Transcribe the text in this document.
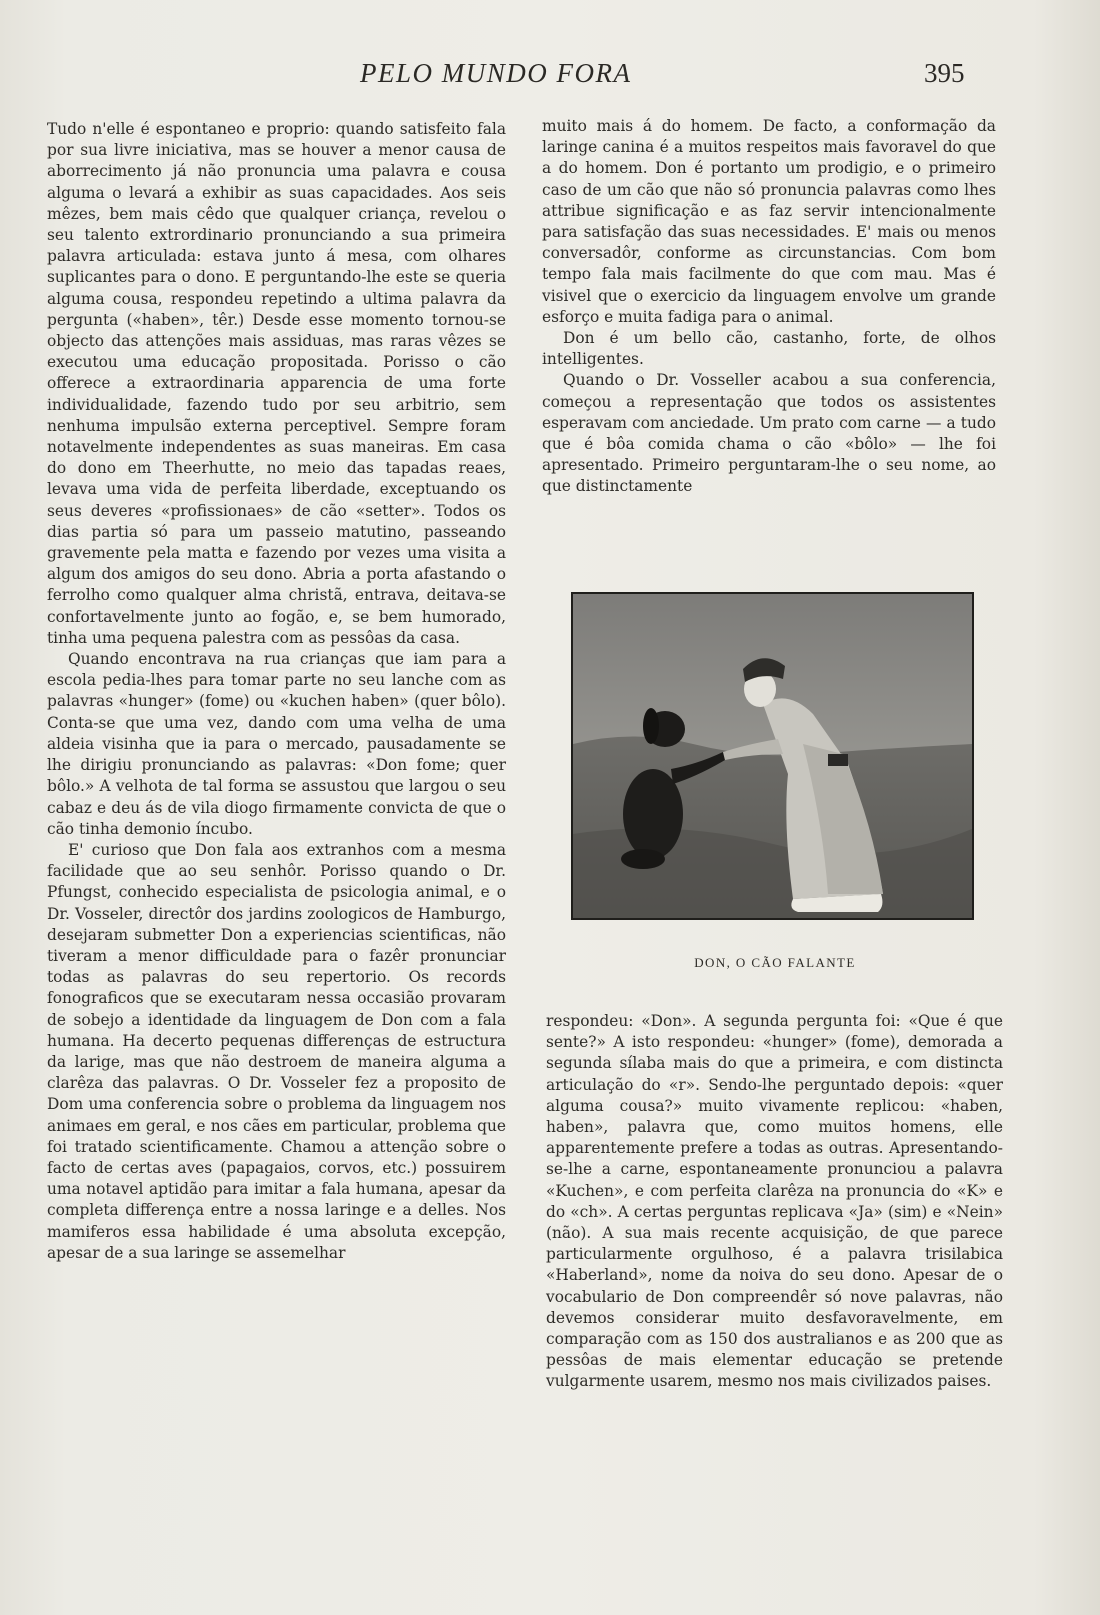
PELO MUNDO FORA	395

Tudo n'elle é espontaneo e proprio: quando satisfeito fala por sua livre iniciativa, mas se houver a menor causa de aborrecimento já não pronuncia uma palavra e cousa alguma o levará a exhibir as suas capacidades. Aos seis mêzes, bem mais cêdo que qualquer criança, revelou o seu talento extrordinario pronunciando a sua primeira palavra articulada: estava junto á mesa, com olhares suplicantes para o dono. E perguntando-lhe este se queria alguma cousa, respondeu repetindo a ultima palavra da pergunta («haben», têr.) Desde esse momento tornou-se objecto das attenções mais assiduas, mas raras vêzes se executou uma educação propositada. Porisso o cão offerece a extraordinaria apparencia de uma forte individualidade, fazendo tudo por seu arbitrio, sem nenhuma impulsão externa perceptivel. Sempre foram notavelmente independentes as suas maneiras. Em casa do dono em Theerhutte, no meio das tapadas reaes, levava uma vida de perfeita liberdade, exceptuando os seus deveres «profissionaes» de cão «setter». Todos os dias partia só para um passeio matutino, passeando gravemente pela matta e fazendo por vezes uma visita a algum dos amigos do seu dono. Abria a porta afastando o ferrolho como qualquer alma christã, entrava, deitava-se confortavelmente junto ao fogão, e, se bem humorado, tinha uma pequena palestra com as pessôas da casa.

Quando encontrava na rua crianças que iam para a escola pedia-lhes para tomar parte no seu lanche com as palavras «hunger» (fome) ou «kuchen haben» (quer bôlo). Conta-se que uma vez, dando com uma velha de uma aldeia visinha que ia para o mercado, pausadamente se lhe dirigiu pronunciando as palavras: «Don fome; quer bôlo.» A velhota de tal forma se assustou que largou o seu cabaz e deu ás de vila diogo firmamente convicta de que o cão tinha demonio íncubo.

E' curioso que Don fala aos extranhos com a mesma facilidade que ao seu senhôr. Porisso quando o Dr. Pfungst, conhecido especialista de psicologia animal, e o Dr. Vosseler, directôr dos jardins zoologicos de Hamburgo, desejaram submetter Don a experiencias scientificas, não tiveram a menor difficuldade para o fazêr pronunciar todas as palavras do seu repertorio. Os records fonograficos que se executaram nessa occasião provaram de sobejo a identidade da linguagem de Don com a fala humana. Ha decerto pequenas differenças de estructura da larige, mas que não destroem de maneira alguma a clarêza das palavras. O Dr. Vosseler fez a proposito de Dom uma conferencia sobre o problema da linguagem nos animaes em geral, e nos cães em particular, problema que foi tratado scientificamente. Chamou a attenção sobre o facto de certas aves (papagaios, corvos, etc.) possuirem uma notavel aptidão para imitar a fala humana, apesar da completa differença entre a nossa laringe e a delles. Nos mamiferos essa habilidade é uma absoluta excepção, apesar de a sua laringe se assemelhar

muito mais á do homem. De facto, a conformação da laringe canina é a muitos respeitos mais favoravel do que a do homem. Don é portanto um prodigio, e o primeiro caso de um cão que não só pronuncia palavras como lhes attribue significação e as faz servir intencionalmente para satisfação das suas necessidades. E' mais ou menos conversadôr, conforme as circunstancias. Com bom tempo fala mais facilmente do que com mau. Mas é visivel que o exercicio da linguagem envolve um grande esforço e muita fadiga para o animal.

Don é um bello cão, castanho, forte, de olhos intelligentes.

Quando o Dr. Vosseller acabou a sua conferencia, começou a representação que todos os assistentes esperavam com anciedade. Um prato com carne — a tudo que é bôa comida chama o cão «bôlo» — lhe foi apresentado. Primeiro perguntaram-lhe o seu nome, ao que distinctamente

DON, O CÃO FALANTE

respondeu: «Don». A segunda pergunta foi: «Que é que sente?» A isto respondeu: «hunger» (fome), demorada a segunda sílaba mais do que a primeira, e com distincta articulação do «r». Sendo-lhe perguntado depois: «quer alguma cousa?» muito vivamente replicou: «haben, haben», palavra que, como muitos homens, elle apparentemente prefere a todas as outras. Apresentando-se-lhe a carne, espontaneamente pronunciou a palavra «Kuchen», e com perfeita clarêza na pronuncia do «K» e do «ch». A certas perguntas replicava «Ja» (sim) e «Nein» (não). A sua mais recente acquisição, de que parece particularmente orgulhoso, é a palavra trisilabica «Haberland», nome da noiva do seu dono. Apesar de o vocabulario de Don compreendêr só nove palavras, não devemos considerar muito desfavoravelmente, em comparação com as 150 dos australianos e as 200 que as pessôas de mais elementar educação se pretende vulgarmente usarem, mesmo nos mais civilizados paises.
